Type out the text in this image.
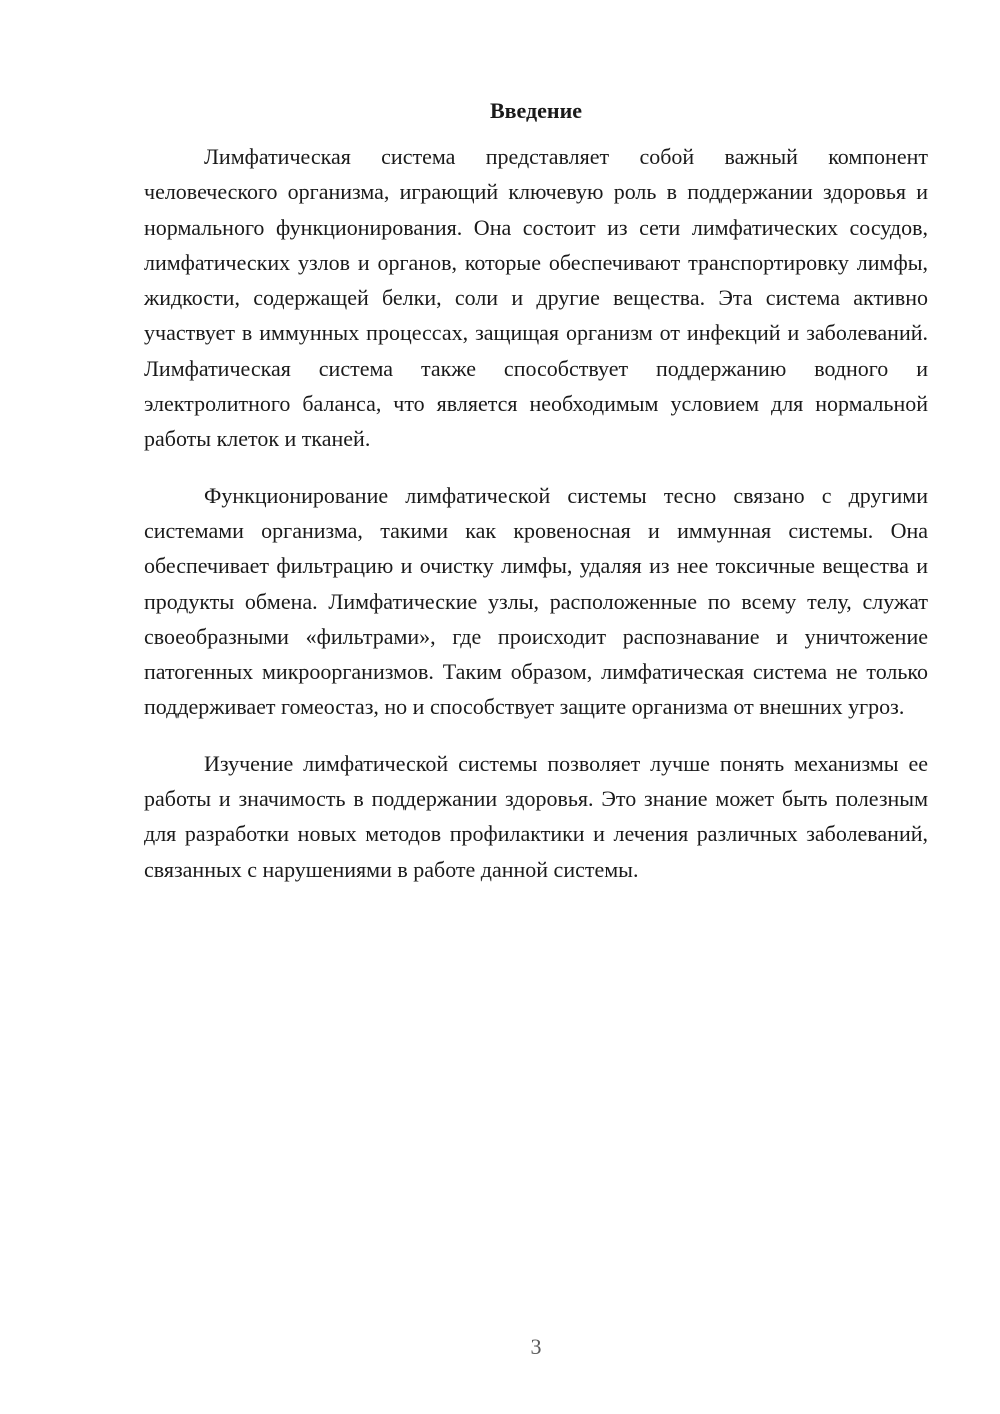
Введение

Лимфатическая система представляет собой важный компонент человеческого организма, играющий ключевую роль в поддержании здоровья и нормального функционирования. Она состоит из сети лимфатических сосудов, лимфатических узлов и органов, которые обеспечивают транспортировку лимфы, жидкости, содержащей белки, соли и другие вещества. Эта система активно участвует в иммунных процессах, защищая организм от инфекций и заболеваний. Лимфатическая система также способствует поддержанию водного и электролитного баланса, что является необходимым условием для нормальной работы клеток и тканей.

Функционирование лимфатической системы тесно связано с другими системами организма, такими как кровеносная и иммунная системы. Она обеспечивает фильтрацию и очистку лимфы, удаляя из нее токсичные вещества и продукты обмена. Лимфатические узлы, расположенные по всему телу, служат своеобразными «фильтрами», где происходит распознавание и уничтожение патогенных микроорганизмов. Таким образом, лимфатическая система не только поддерживает гомеостаз, но и способствует защите организма от внешних угроз.

Изучение лимфатической системы позволяет лучше понять механизмы ее работы и значимость в поддержании здоровья. Это знание может быть полезным для разработки новых методов профилактики и лечения различных заболеваний, связанных с нарушениями в работе данной системы.

3
